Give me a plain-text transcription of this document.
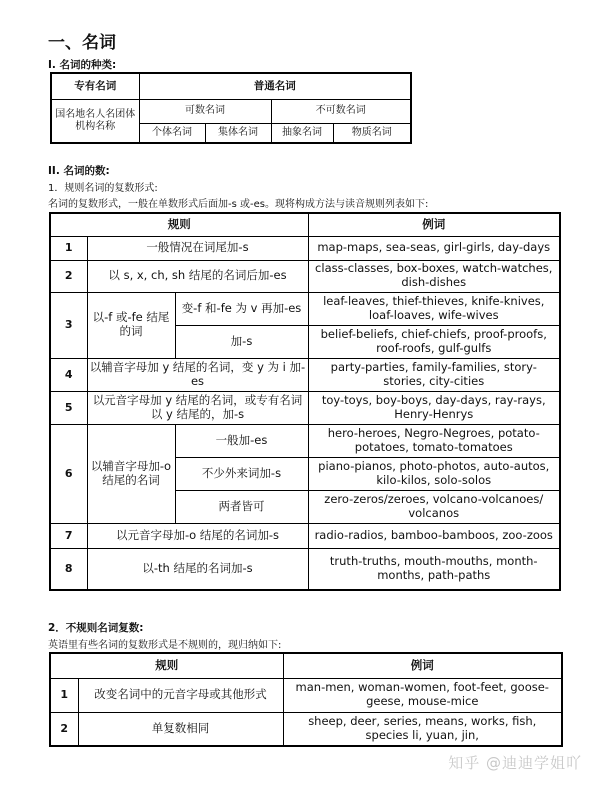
一、名词
I. 名词的种类:
专有名词	普通名词			
国名地名人名团体机构名称	可数名词		不可数名词	
	个体名词	集体名词	抽象名词	物质名词
II. 名词的数:
1．规则名词的复数形式:
名词的复数形式，一般在单数形式后面加-s 或-es。现将构成方法与读音规则列表如下:
规则			例词
1	一般情况在词尾加-s		map-maps, sea-seas, girl-girls, day-days
2	以 s, x, ch, sh 结尾的名词后加-es		class-classes, box-boxes, watch-watches, dish-dishes
3	以-f 或-fe 结尾的词	变-f 和-fe 为 v 再加-es	leaf-leaves, thief-thieves, knife-knives, loaf-loaves, wife-wives
		加-s	belief-beliefs, chief-chiefs, proof-proofs, roof-roofs, gulf-gulfs
4	以辅音字母加 y 结尾的名词，变 y 为 i 加-es		party-parties, family-families, story-stories, city-cities
5	以元音字母加 y 结尾的名词，或专有名词以 y 结尾的，加-s		toy-toys, boy-boys, day-days, ray-rays, Henry-Henrys
6	以辅音字母加-o 结尾的名词	一般加-es	hero-heroes, Negro-Negroes, potato-potatoes, tomato-tomatoes
		不少外来词加-s	piano-pianos, photo-photos, auto-autos, kilo-kilos, solo-solos
		两者皆可	zero-zeros/zeroes, volcano-volcanoes/ volcanos
7	以元音字母加-o 结尾的名词加-s		radio-radios, bamboo-bamboos, zoo-zoos
8	以-th 结尾的名词加-s		truth-truths, mouth-mouths, month-months, path-paths
2．不规则名词复数:
英语里有些名词的复数形式是不规则的，现归纳如下:
规则		例词
1	改变名词中的元音字母或其他形式	man-men, woman-women, foot-feet, goose-geese, mouse-mice
2	单复数相同	sheep, deer, series, means, works, fish, species li, yuan, jin,
知乎 @迪迪学姐吖
